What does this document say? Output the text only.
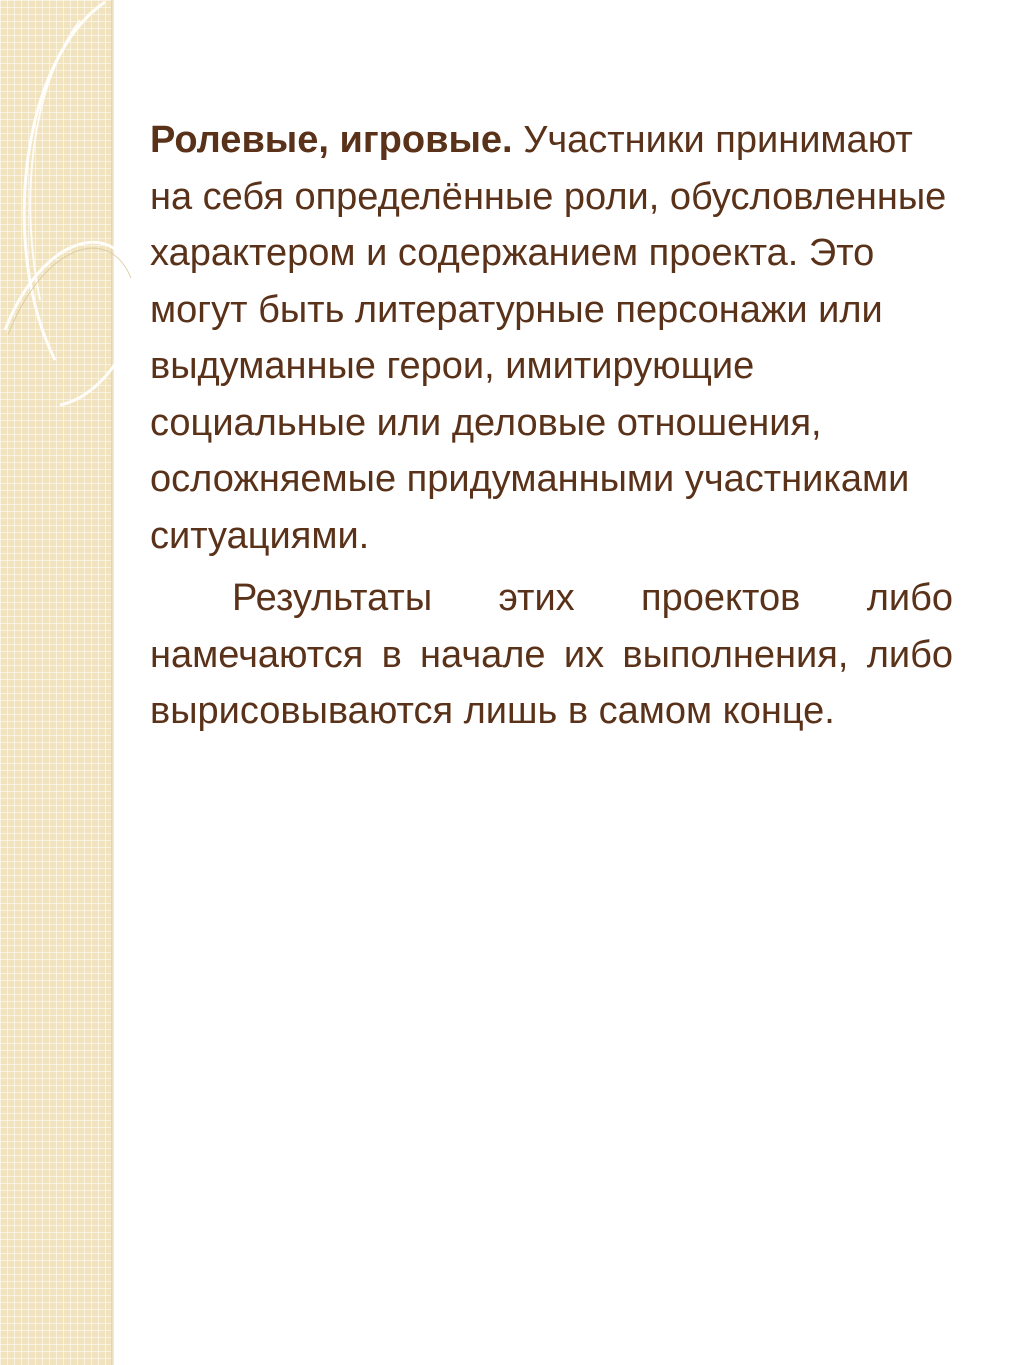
Ролевые, игровые. Участники принимают на себя определённые роли, обусловленные характером и содержанием проекта. Это могут быть литературные персонажи или выдуманные герои, имитирующие социальные или деловые отношения, осложняемые придуманными участниками ситуациями.

Результаты этих проектов либо намечаются в начале их выполнения, либо вырисовываются лишь в самом конце.
